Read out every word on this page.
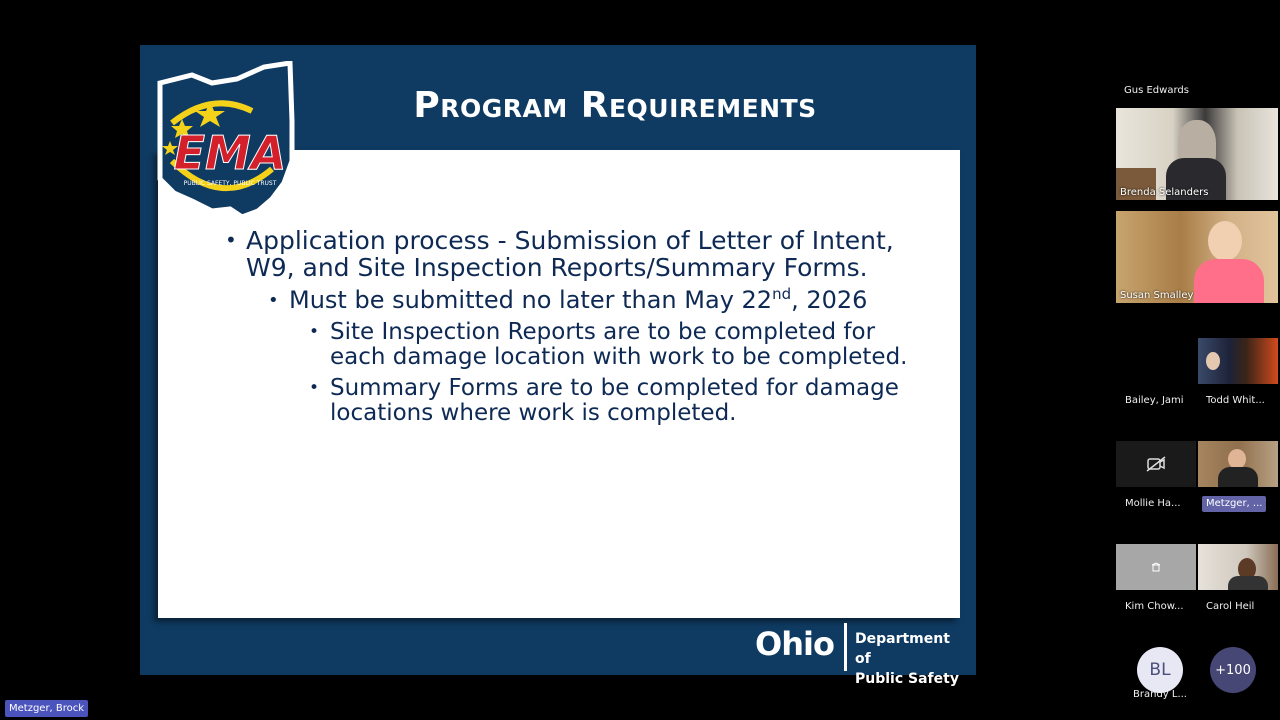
EMA
PUBLIC SAFETY, PUBLIC TRUST
Program Requirements
• Application process - Submission of Letter of Intent, W9, and Site Inspection Reports/Summary Forms.
• Must be submitted no later than May 22nd, 2026
• Site Inspection Reports are to be completed for each damage location with work to be completed.
• Summary Forms are to be completed for damage locations where work is completed.
Ohio Department of
Public Safety
Gus Edwards
Brenda Selanders
Susan Smalley
Bailey, Jami Todd Whit...
Mollie Ha...	Metzger, ...
Kim Chow... Carol Heil
BL
Brandy L...
+100
Metzger, Brock
